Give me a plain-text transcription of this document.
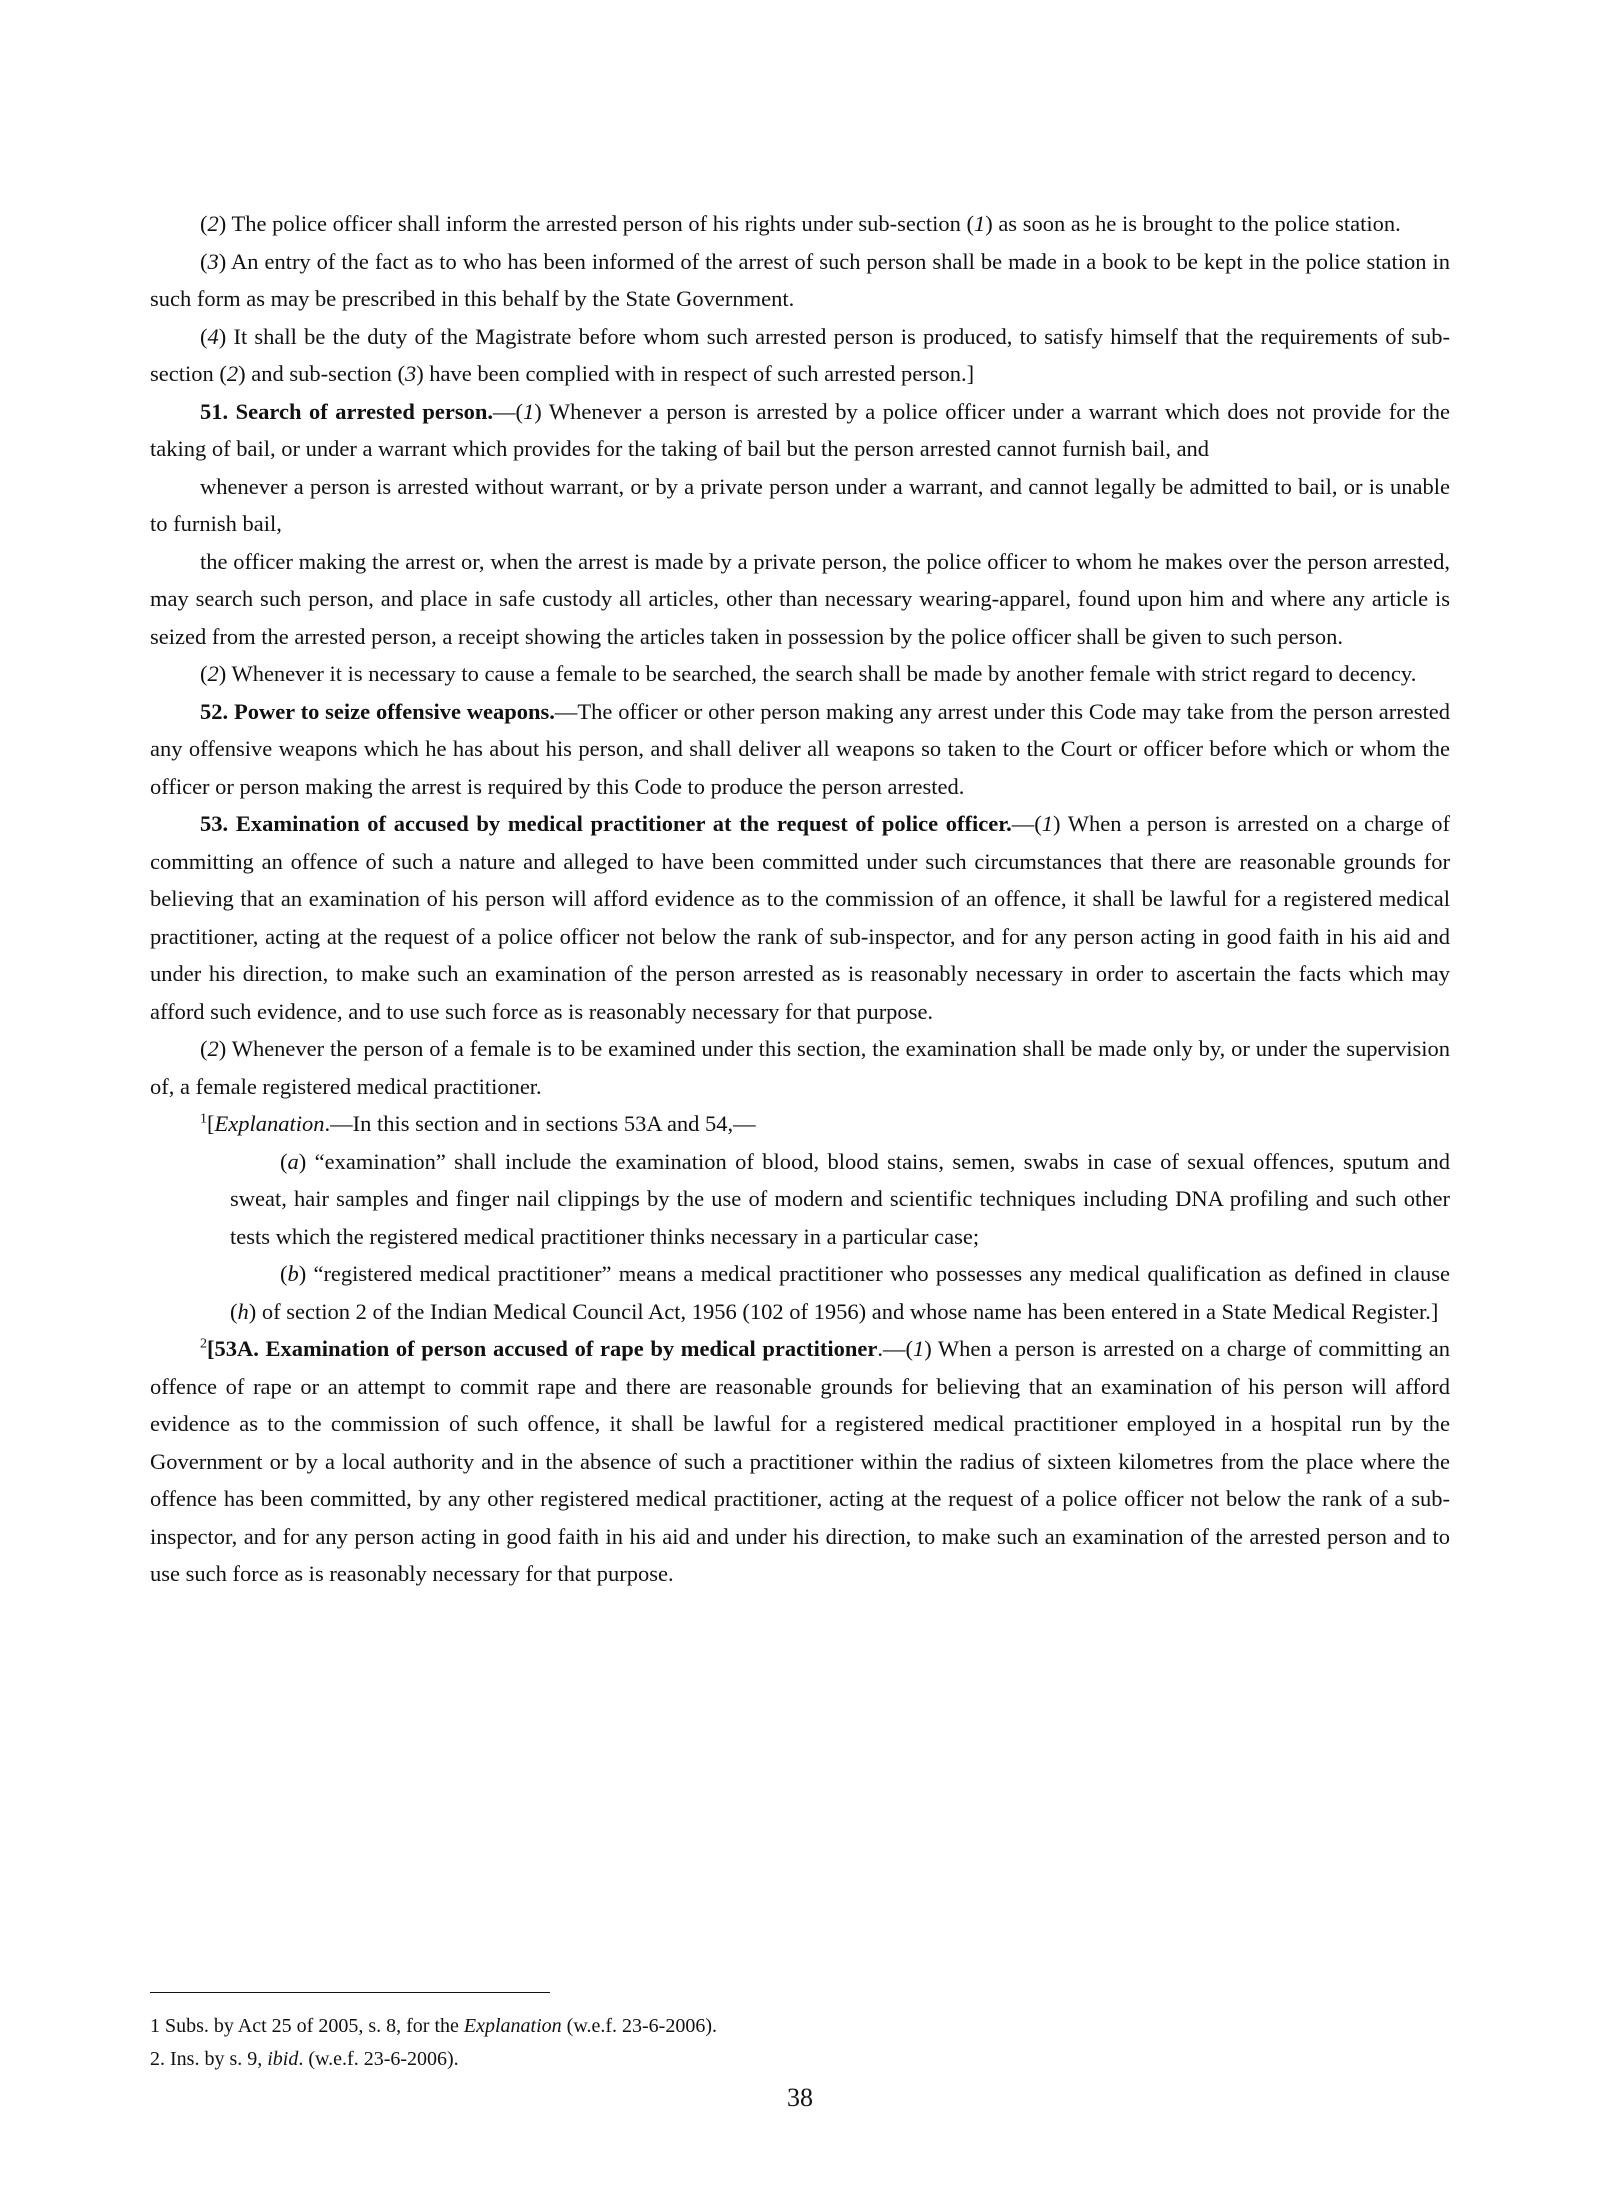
(2) The police officer shall inform the arrested person of his rights under sub-section (1) as soon as he is brought to the police station.

(3) An entry of the fact as to who has been informed of the arrest of such person shall be made in a book to be kept in the police station in such form as may be prescribed in this behalf by the State Government.

(4) It shall be the duty of the Magistrate before whom such arrested person is produced, to satisfy himself that the requirements of sub-section (2) and sub-section (3) have been complied with in respect of such arrested person.]

51. Search of arrested person.—(1) Whenever a person is arrested by a police officer under a warrant which does not provide for the taking of bail, or under a warrant which provides for the taking of bail but the person arrested cannot furnish bail, and

whenever a person is arrested without warrant, or by a private person under a warrant, and cannot legally be admitted to bail, or is unable to furnish bail,

the officer making the arrest or, when the arrest is made by a private person, the police officer to whom he makes over the person arrested, may search such person, and place in safe custody all articles, other than necessary wearing-apparel, found upon him and where any article is seized from the arrested person, a receipt showing the articles taken in possession by the police officer shall be given to such person.

(2) Whenever it is necessary to cause a female to be searched, the search shall be made by another female with strict regard to decency.

52. Power to seize offensive weapons.—The officer or other person making any arrest under this Code may take from the person arrested any offensive weapons which he has about his person, and shall deliver all weapons so taken to the Court or officer before which or whom the officer or person making the arrest is required by this Code to produce the person arrested.

53. Examination of accused by medical practitioner at the request of police officer.—(1) When a person is arrested on a charge of committing an offence of such a nature and alleged to have been committed under such circumstances that there are reasonable grounds for believing that an examination of his person will afford evidence as to the commission of an offence, it shall be lawful for a registered medical practitioner, acting at the request of a police officer not below the rank of sub-inspector, and for any person acting in good faith in his aid and under his direction, to make such an examination of the person arrested as is reasonably necessary in order to ascertain the facts which may afford such evidence, and to use such force as is reasonably necessary for that purpose.

(2) Whenever the person of a female is to be examined under this section, the examination shall be made only by, or under the supervision of, a female registered medical practitioner.

$^1$[Explanation.—In this section and in sections 53A and 54,—

(a) “examination” shall include the examination of blood, blood stains, semen, swabs in case of sexual offences, sputum and sweat, hair samples and finger nail clippings by the use of modern and scientific techniques including DNA profiling and such other tests which the registered medical practitioner thinks necessary in a particular case;

(b) “registered medical practitioner” means a medical practitioner who possesses any medical qualification as defined in clause (h) of section 2 of the Indian Medical Council Act, 1956 (102 of 1956) and whose name has been entered in a State Medical Register.]

$^2$[53A. Examination of person accused of rape by medical practitioner.—(1) When a person is arrested on a charge of committing an offence of rape or an attempt to commit rape and there are reasonable grounds for believing that an examination of his person will afford evidence as to the commission of such offence, it shall be lawful for a registered medical practitioner employed in a hospital run by the Government or by a local authority and in the absence of such a practitioner within the radius of sixteen kilometres from the place where the offence has been committed, by any other registered medical practitioner, acting at the request of a police officer not below the rank of a sub-inspector, and for any person acting in good faith in his aid and under his direction, to make such an examination of the arrested person and to use such force as is reasonably necessary for that purpose.

1 Subs. by Act 25 of 2005, s. 8, for the Explanation (w.e.f. 23-6-2006).

2. Ins. by s. 9, ibid. (w.e.f. 23-6-2006).

38
